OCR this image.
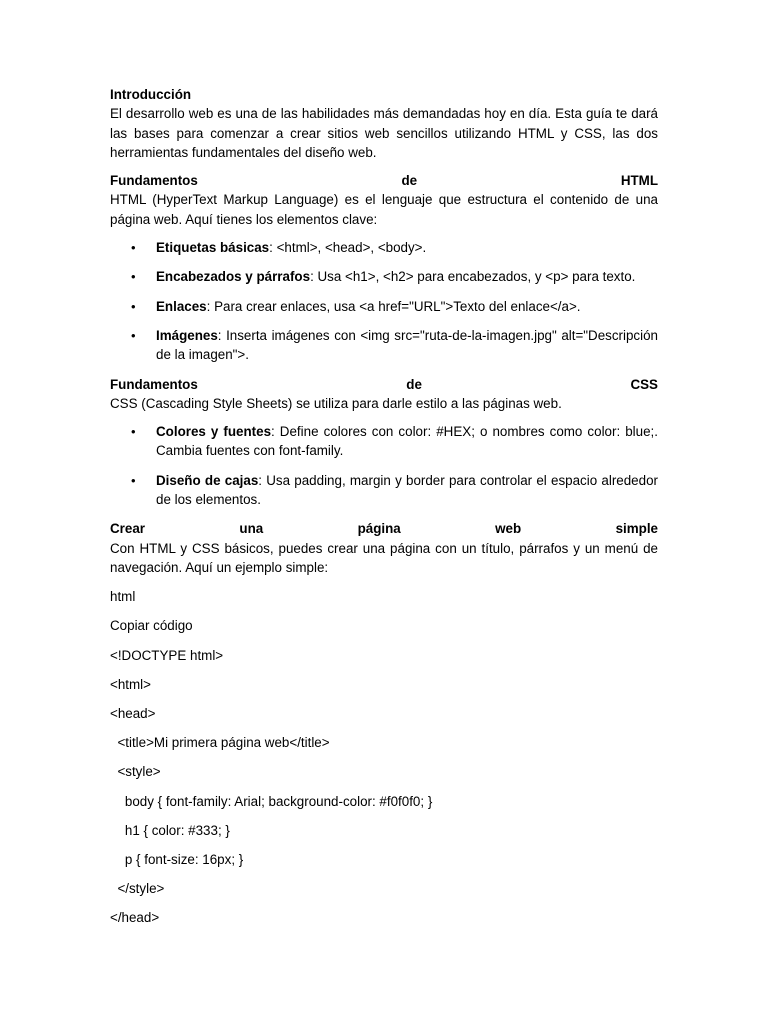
Introducción

El desarrollo web es una de las habilidades más demandadas hoy en día. Esta guía te dará las bases para comenzar a crear sitios web sencillos utilizando HTML y CSS, las dos herramientas fundamentales del diseño web.

Fundamentos	de	HTML

HTML (HyperText Markup Language) es el lenguaje que estructura el contenido de una página web. Aquí tienes los elementos clave:

• Etiquetas básicas: <html>, <head>, <body>.
• Encabezados y párrafos: Usa <h1>, <h2> para encabezados, y <p> para texto.
• Enlaces: Para crear enlaces, usa <a href="URL">Texto del enlace</a>.
• Imágenes: Inserta imágenes con <img src="ruta-de-la-imagen.jpg" alt="Descripción de la imagen">.
Fundamentos	de	CSS

CSS (Cascading Style Sheets) se utiliza para darle estilo a las páginas web.

• Colores y fuentes: Define colores con color: #HEX; o nombres como color: blue;. Cambia fuentes con font-family.
• Diseño de cajas: Usa padding, margin y border para controlar el espacio alrededor de los elementos.
Crear	una	página	web	simple

Con HTML y CSS básicos, puedes crear una página con un título, párrafos y un menú de navegación. Aquí un ejemplo simple:

html

Copiar código

<!DOCTYPE html>

<html>

<head>

<title>Mi primera página web</title>

<style>

body { font-family: Arial; background-color: #f0f0f0; }

h1 { color: #333; }

p { font-size: 16px; }

</style>

</head>
